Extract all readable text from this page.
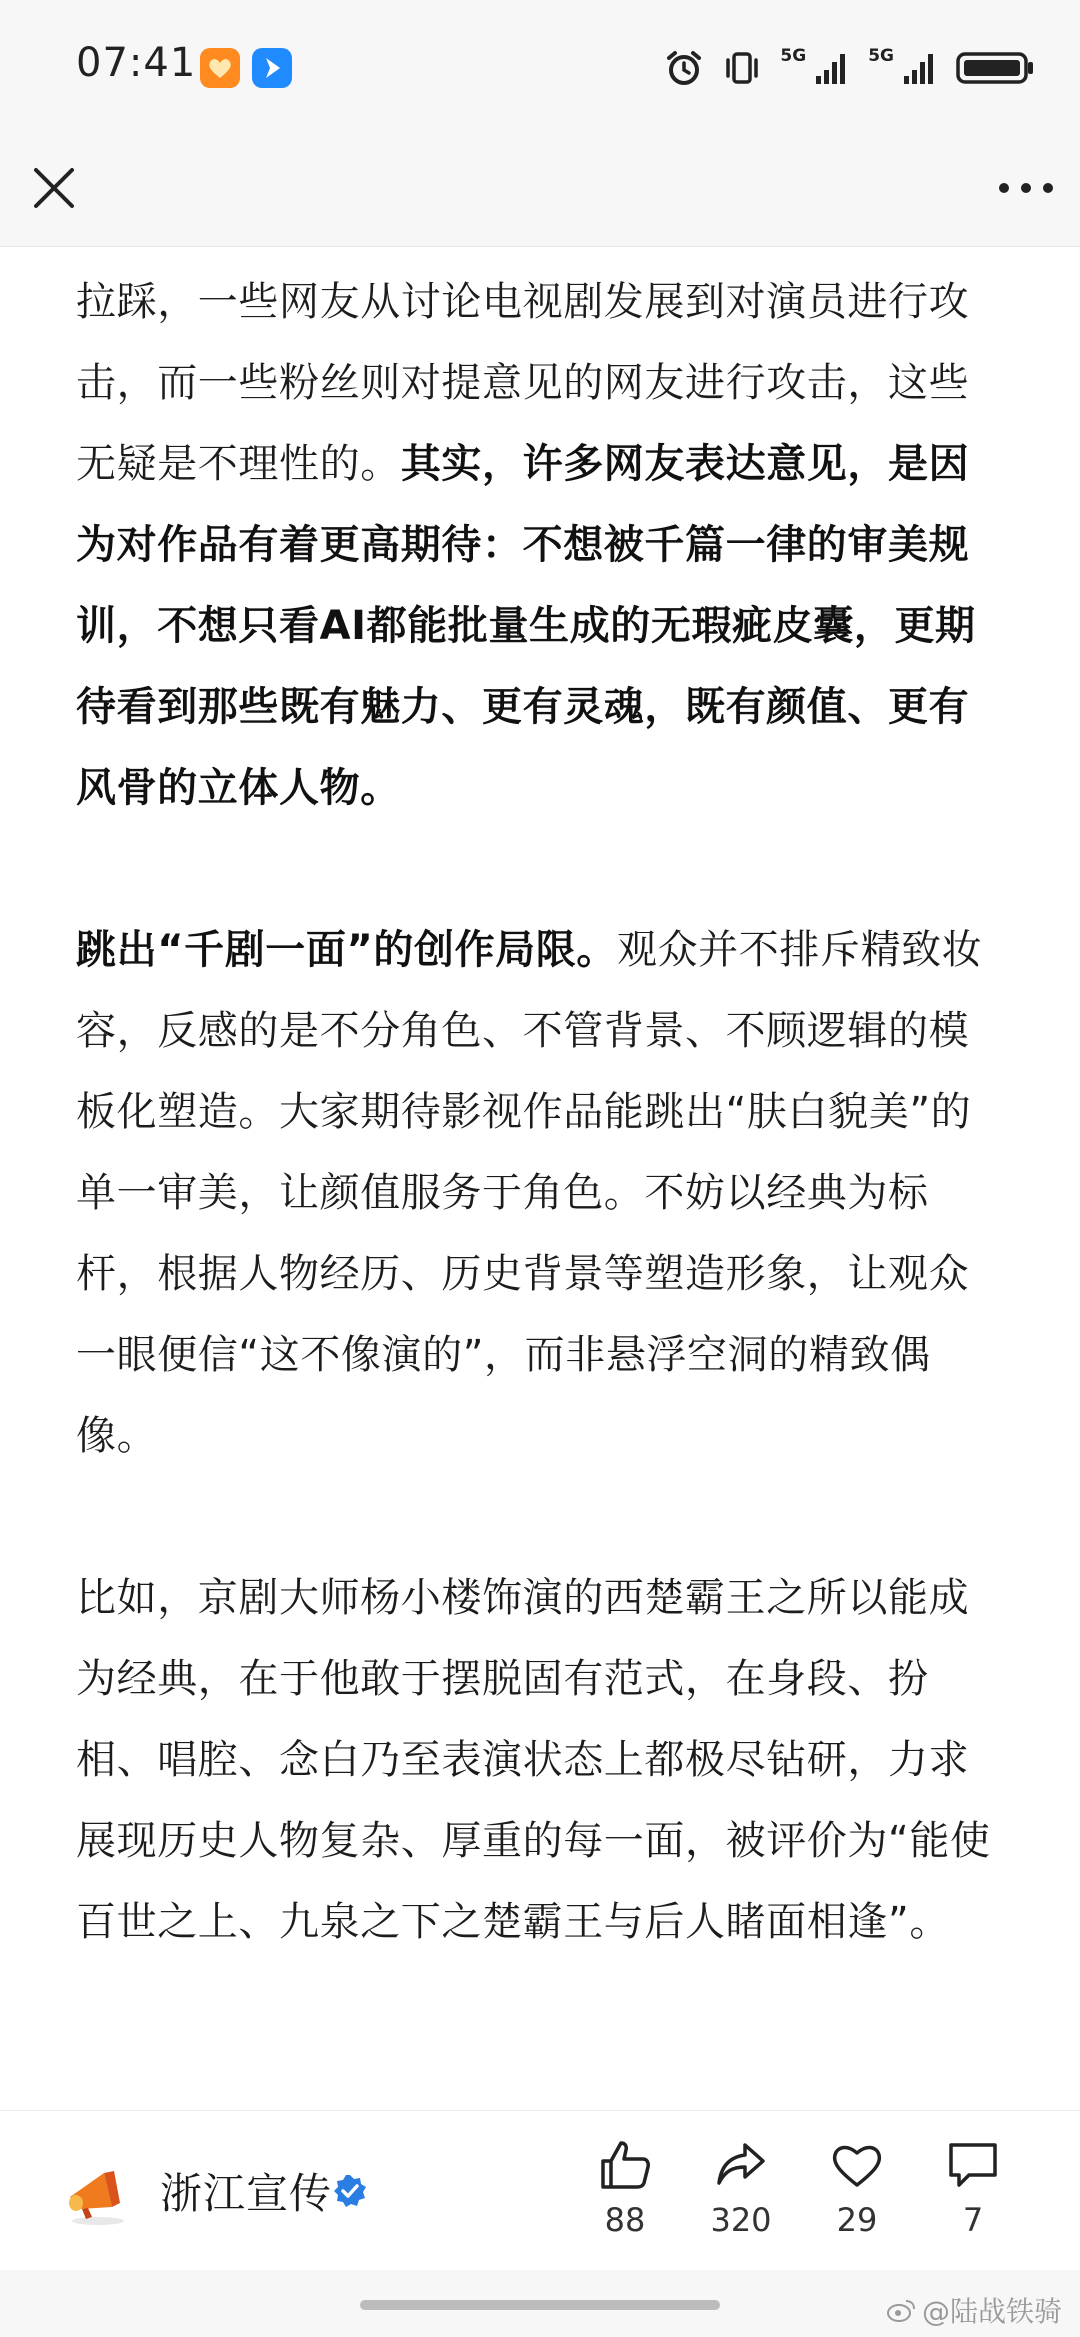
07:41	5G	5G

拉踩，一些网友从讨论电视剧发展到对演员进行攻击，而一些粉丝则对提意见的网友进行攻击，这些无疑是不理性的。其实，许多网友表达意见，是因为对作品有着更高期待：不想被千篇一律的审美规训，不想只看AI都能批量生成的无瑕疵皮囊，更期待看到那些既有魅力、更有灵魂，既有颜值、更有风骨的立体人物。

跳出“千剧一面”的创作局限。观众并不排斥精致妆容，反感的是不分角色、不管背景、不顾逻辑的模板化塑造。大家期待影视作品能跳出“肤白貌美”的单一审美，让颜值服务于角色。不妨以经典为标杆，根据人物经历、历史背景等塑造形象，让观众一眼便信“这不像演的”，而非悬浮空洞的精致偶像。

比如，京剧大师杨小楼饰演的西楚霸王之所以能成为经典，在于他敢于摆脱固有范式，在身段、扮相、唱腔、念白乃至表演状态上都极尽钻研，力求展现历史人物复杂、厚重的每一面，被评价为“能使百世之上、九泉之下之楚霸王与后人睹面相逢”。

浙江宣传
88	320	29	7
@陆战铁骑
